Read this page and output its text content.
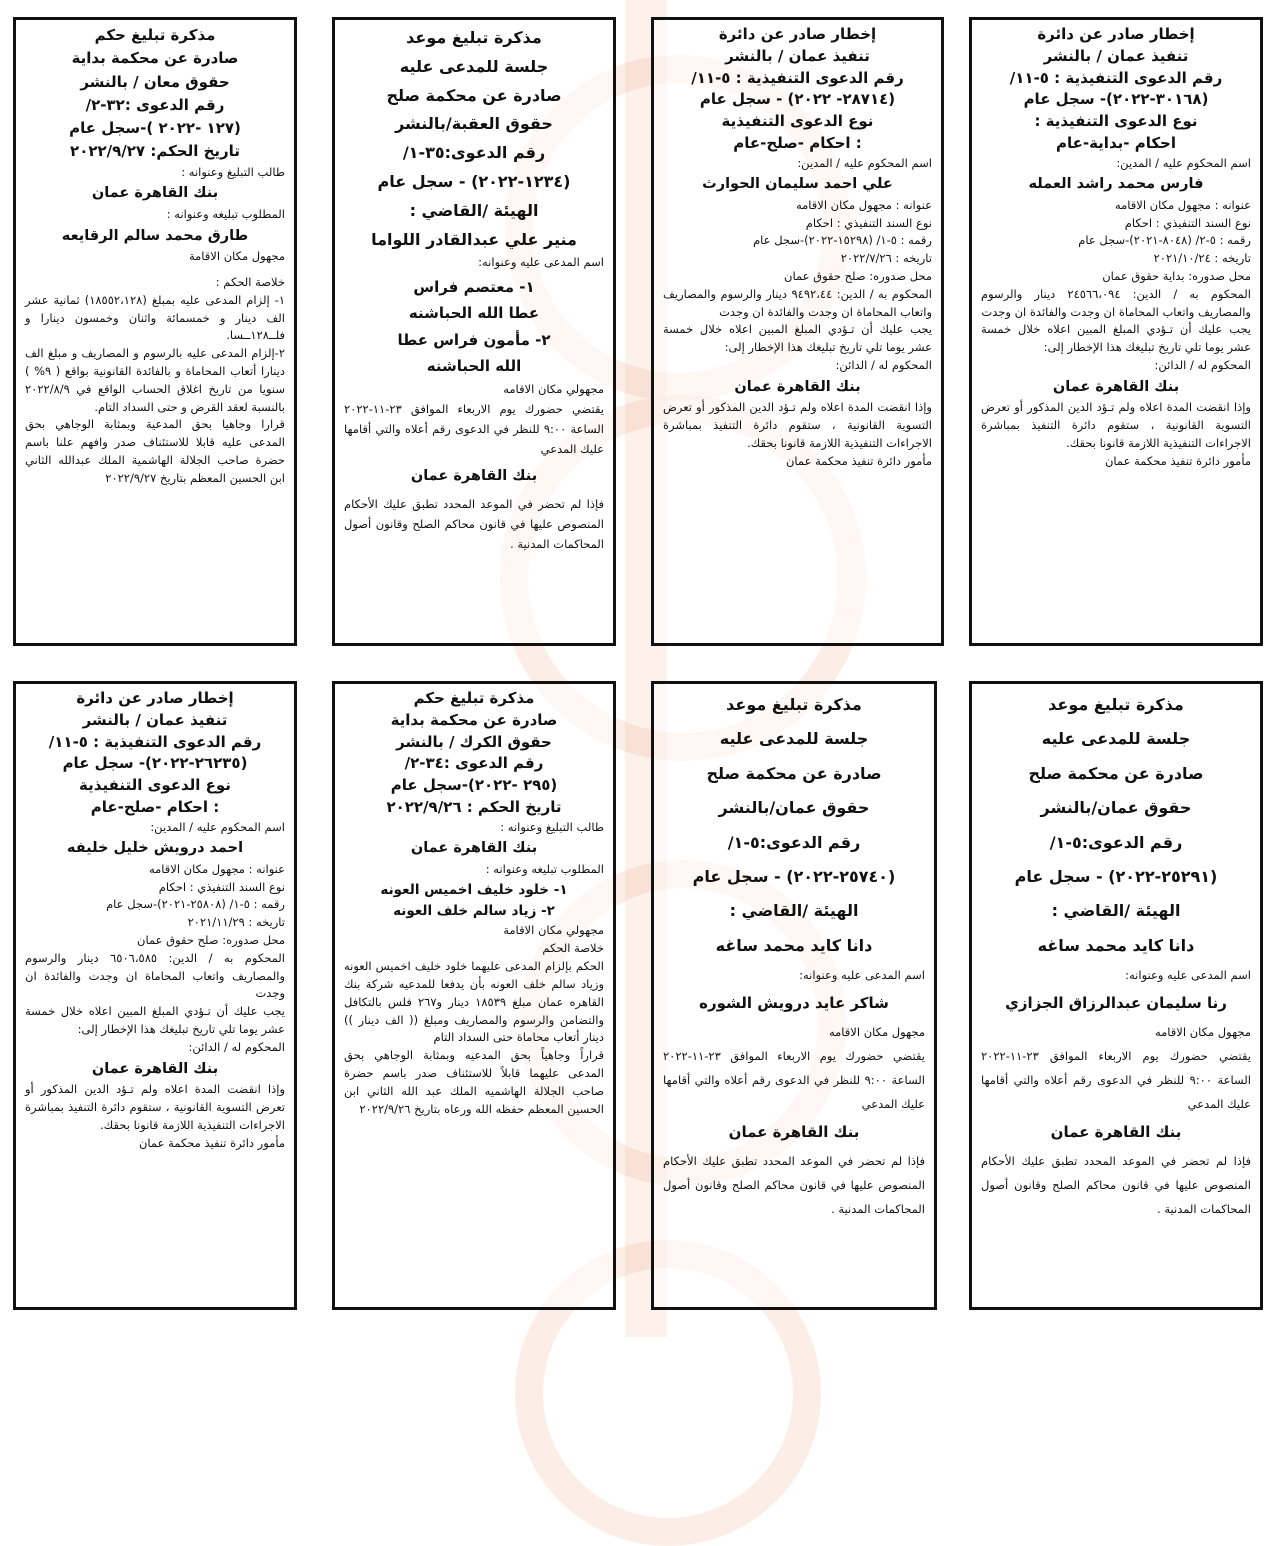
إخطار صادر عن دائرة
تنفيذ عمان / بالنشر
رقم الدعوى التنفيذية : ٥-١١/
(٣٠١٦٨-٢٠٢٢)- سجل عام
نوع الدعوى التنفيذية :
احكام -بداية-عام

اسم المحكوم عليه / المدين:

فارس محمد راشد العمله

عنوانه : مجهول مكان الاقامه

نوع السند التنفيذي : احكام

رقمه : ٥-٢/ (٨٠٤٨-٢٠٢١)-سجل عام

تاريخه : ٢٠٢١/١٠/٢٤

محل صدوره: بداية حقوق عمان

المحكوم به / الدين: ٢٤٥٦٦،٠٩٤ دينار والرسوم والمصاريف واتعاب المحاماة ان وجدت والفائدة ان وجدت

يجب عليك أن تـؤدي المبلغ المبين اعلاه خلال خمسة عشر يوما تلي تاريخ تبليغك هذا الإخطار إلى:

المحكوم له / الدائن:

بنك القاهرة عمان

وإذا انقضت المدة اعلاه ولم تـؤد الدين المذكور أو تعرض التسوية القانونية ، ستقوم دائرة التنفيذ بمباشرة الاجراءات التنفيذية اللازمة قانونا بحقك.

مأمور دائرة تنفيذ محكمة عمان

إخطار صادر عن دائرة
تنفيذ عمان / بالنشر
رقم الدعوى التنفيذية : ٥-١١/
(٢٨٧١٤- ٢٠٢٢) - سجل عام
نوع الدعوى التنفيذية
: احكام -صلح-عام

اسم المحكوم عليه / المدين:

علي احمد سليمان الحوارث

عنوانه : مجهول مكان الاقامه

نوع السند التنفيذي : احكام

رقمه : ٥-١/ (١٥٢٩٨-٢٠٢٢)-سجل عام

تاريخه : ٢٠٢٢/٧/٢٦

محل صدوره: صلح حقوق عمان

المحكوم به / الدين: ٩٤٩٢،٤٤ دينار والرسوم والمصاريف واتعاب المحاماة ان وجدت والفائدة ان وجدت

يجب عليك أن تـؤدي المبلغ المبين اعلاه خلال خمسة عشر يوما تلي تاريخ تبليغك هذا الإخطار إلى:

المحكوم له / الدائن:

بنك القاهرة عمان

وإذا انقضت المدة اعلاه ولم تـؤد الدين المذكور أو تعرض التسوية القانونية ، ستقوم دائرة التنفيذ بمباشرة الاجراءات التنفيذية اللازمة قانونا بحقك.

مأمور دائرة تنفيذ محكمة عمان

مذكرة تبليغ موعد
جلسة للمدعى عليه
صادرة عن محكمة صلح
حقوق العقبة/بالنشر
رقم الدعوى:٣٥-١/
(١٢٣٤-٢٠٢٢) - سجل عام
الهيئة /القاضي :
منير علي عبدالقادر اللواما

اسم المدعى عليه وعنوانه:

١- معتصم فراس
عطا الله الحباشنه
٢- مأمون فراس عطا
الله الحباشنه

مجهولي مكان الاقامه

يقتضي حضورك يوم الاربعاء الموافق ٢٣-١١-٢٠٢٢ الساعة ٩:٠٠ للنظر في الدعوى رقم أعلاه والتي أقامها عليك المدعي

بنك القاهرة عمان

فإذا لم تحضر في الموعد المحدد تطبق عليك الأحكام المنصوص عليها في قانون محاكم الصلح وقانون أصول المحاكمات المدنية .

مذكرة تبليغ حكم
صادرة عن محكمة بداية
حقوق معان / بالنشر
رقم الدعوى :٣٢-٢/
(١٢٧ -٢٠٢٢ )-سجل عام
تاريخ الحكم: ٢٠٢٢/٩/٢٧

طالب التبليغ وعنوانه :

بنك القاهرة عمان

المطلوب تبليغه وعنوانه :

طارق محمد سالم الرقايعه

مجهول مكان الاقامة

خلاصة الحكم :

١- إلزام المدعى عليه بمبلغ (١٨٥٥٢،١٢٨) ثمانية عشر الف دينار و خمسمائة واثنان وخمسون دينارا و فلــ١٢٨ــسا.

٢-إلزام المدعى عليه بالرسوم و المصاريف و مبلغ الف دينارا أتعاب المحاماة و بالفائدة القانونية بواقع ( ٩% ) سنويا من تاريخ اغلاق الحساب الواقع في ٢٠٢٢/٨/٩ بالنسبة لعقد القرض و حتى السداد التام.

قرارا وجاهيا بحق المدعية وبمثابة الوجاهي بحق المدعى عليه قابلا للاستئناف صدر وافهم علنا باسم حضرة صاحب الجلالة الهاشمية الملك عبدالله الثاني ابن الحسين المعظم بتاريخ ٢٠٢٢/٩/٢٧

مذكرة تبليغ موعد
جلسة للمدعى عليه
صادرة عن محكمة صلح
حقوق عمان/بالنشر
رقم الدعوى:٥-١/
(٢٥٢٩١-٢٠٢٢) - سجل عام
الهيئة /القاضي :
دانا كايد محمد ساغه

اسم المدعى عليه وعنوانه:

رنا سليمان عبدالرزاق الجزازي

مجهول مكان الاقامه

يقتضي حضورك يوم الاربعاء الموافق ٢٣-١١-٢٠٢٢ الساعة ٩:٠٠ للنظر في الدعوى رقم أعلاه والتي أقامها عليك المدعي

بنك القاهرة عمان

فإذا لم تحضر في الموعد المحدد تطبق عليك الأحكام المنصوص عليها في قانون محاكم الصلح وقانون أصول المحاكمات المدنية .

مذكرة تبليغ موعد
جلسة للمدعى عليه
صادرة عن محكمة صلح
حقوق عمان/بالنشر
رقم الدعوى:٥-١/
(٢٥٧٤٠-٢٠٢٢) - سجل عام
الهيئة /القاضي :
دانا كايد محمد ساغه

اسم المدعى عليه وعنوانه:

شاكر عايد درويش الشوره

مجهول مكان الاقامه

يقتضي حضورك يوم الاربعاء الموافق ٢٣-١١-٢٠٢٢ الساعة ٩:٠٠ للنظر في الدعوى رقم أعلاه والتي أقامها عليك المدعي

بنك القاهرة عمان

فإذا لم تحضر في الموعد المحدد تطبق عليك الأحكام المنصوص عليها في قانون محاكم الصلح وقانون أصول المحاكمات المدنية .

مذكرة تبليغ حكم
صادرة عن محكمة بداية
حقوق الكرك / بالنشر
رقم الدعوى :٣٤-٢/
(٢٩٥ -٢٠٢٢)-سجل عام
تاريخ الحكم : ٢٠٢٢/٩/٢٦

طالب التبليغ وعنوانه :

بنك القاهرة عمان

المطلوب تبليغه وعنوانه :

١- خلود خليف اخميس العونه
٢- زياد سالم خلف العونه

مجهولي مكان الاقامة

خلاصة الحكم

الحكم بإلزام المدعى عليهما خلود خليف اخميس العونه وزياد سالم خلف العونه بأن يدفعا للمدعيه شركة بنك القاهره عمان مبلغ ١٨٥٣٩ دينار و٢٦٧ فلس بالتكافل والتضامن والرسوم والمصاريف ومبلغ (( الف دينار )) دينار أتعاب محاماة حتى السداد التام

قراراً وجاهياً بحق المدعيه وبمثابة الوجاهي بحق المدعى عليهما قابلاً للاستئناف صدر باسم حضرة صاحب الجلالة الهاشميه الملك عبد الله الثاني ابن الحسين المعظم حفظه الله ورعاه بتاريخ ٢٠٢٢/٩/٢٦

إخطار صادر عن دائرة
تنفيذ عمان / بالنشر
رقم الدعوى التنفيذية : ٥-١١/
(٢٦٢٣٥-٢٠٢٢)- سجل عام
نوع الدعوى التنفيذية
: احكام -صلح-عام

اسم المحكوم عليه / المدين:

احمد درويش خليل خليفه

عنوانه : مجهول مكان الاقامه

نوع السند التنفيذي : احكام

رقمه : ٥-١/ (٢٥٨٠٨-٢٠٢١)-سجل عام

تاريخه : ٢٠٢١/١١/٢٩

محل صدوره: صلح حقوق عمان

المحكوم به / الدين: ٦٥٠٦،٥٨٥ دينار والرسوم والمصاريف واتعاب المحاماة ان وجدت والفائدة ان وجدت

يجب عليك أن تـؤدي المبلغ المبين اعلاه خلال خمسة عشر يوما تلي تاريخ تبليغك هذا الإخطار إلى:

المحكوم له / الدائن:

بنك القاهرة عمان

وإذا انقضت المدة اعلاه ولم تـؤد الدين المذكور أو تعرض التسوية القانونية ، ستقوم دائرة التنفيذ بمباشرة الاجراءات التنفيذية اللازمة قانونا بحقك.

مأمور دائرة تنفيذ محكمة عمان
